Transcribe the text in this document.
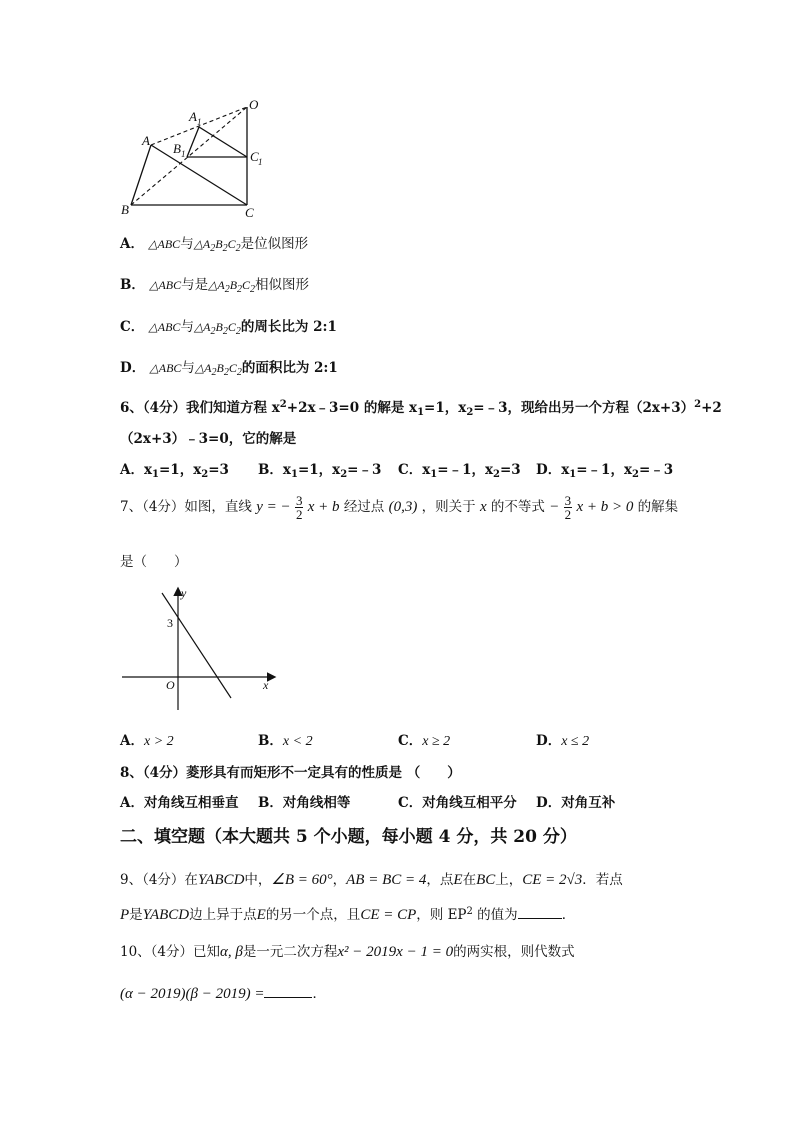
O
A 1
A
B 1	C 1
B	C
A． △ABC与$\triangle A_2B_2C_2$是位似图形
B． △ABC与是$\triangle A_2B_2C_2$相似图形
C． △ABC与$\triangle A_2B_2C_2$的周长比为 2:1
D． △ABC与$\triangle A_2B_2C_2$的面积比为 2:1
6、（4分）我们知道方程 $x^2+2x﹣3=0$ 的解是 $x_1=1$，$x_2=﹣3$，现给出另一个方程$(2x+3)^2+2$
（2x+3）﹣3=0，它的解是
A．$x_1=1$，$x_2=3$ B．$x_1=1$，$x_2=﹣3$ C．$x_1=﹣1$，$x_2=3$ D．$x_1=﹣1$，$x_2=﹣3$
7、（4分）如图，直线 y = − $\frac{3}{2}$ x + b 经过点 (0,3) ，则关于 x 的不等式 − $\frac{3}{2}$ x + b > 0 的解集
是（　　）
y
x
O
3
A．x > 2	B．x < 2	C．x ≥ 2	D．x ≤ 2
8、（4分）菱形具有而矩形不一定具有的性质是 （　　）
A．对角线互相垂直 B．对角线相等	C．对角线互相平分 D．对角互补
二、填空题（本大题共 5 个小题，每小题 4 分，共 20 分）
9、（4分）在YABCD中，∠B = 60°，AB = BC = 4，点E在BC上，CE = 2√3．若点
P是YABCD边上异于点E的另一个点，且CE = CP，则 $EP^2$ 的值为	．
10、（4分）已知α, β是一元二次方程x² − 2019x − 1 = 0的两实根，则代数式
(α − 2019)(β − 2019) =	．
